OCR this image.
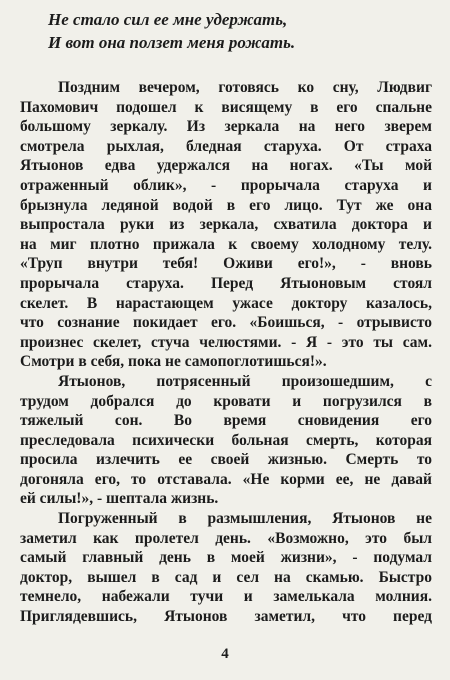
Не стало сил ее мне удержать,
И вот она ползет меня рожать.
Поздним вечером, готовясь ко сну, Людвиг
Пахомович подошел к висящему в его спальне
большому зеркалу. Из зеркала на него зверем
смотрела рыхлая, бледная старуха. От страха
Ятыонов едва удержался на ногах. «Ты мой
отраженный облик», - прорычала старуха и
брызнула ледяной водой в его лицо. Тут же она
выпростала руки из зеркала, схватила доктора и
на миг плотно прижала к своему холодному телу.
«Труп внутри тебя! Оживи его!», - вновь
прорычала старуха. Перед Ятыоновым стоял
скелет. В нарастающем ужасе доктору казалось,
что сознание покидает его. «Боишься, - отрывисто
произнес скелет, стуча челюстями. - Я - это ты сам.
Смотри в себя, пока не самопоглотишься!».
Ятыонов, потрясенный произошедшим, с
трудом добрался до кровати и погрузился в
тяжелый сон. Во время сновидения его
преследовала психически больная смерть, которая
просила излечить ее своей жизнью. Смерть то
догоняла его, то отставала. «Не корми ее, не давай
ей силы!», - шептала жизнь.
Погруженный в размышления, Ятыонов не
заметил как пролетел день. «Возможно, это был
самый главный день в моей жизни», - подумал
доктор, вышел в сад и сел на скамью. Быстро
темнело, набежали тучи и замелькала молния.
Приглядевшись, Ятыонов заметил, что перед
4
